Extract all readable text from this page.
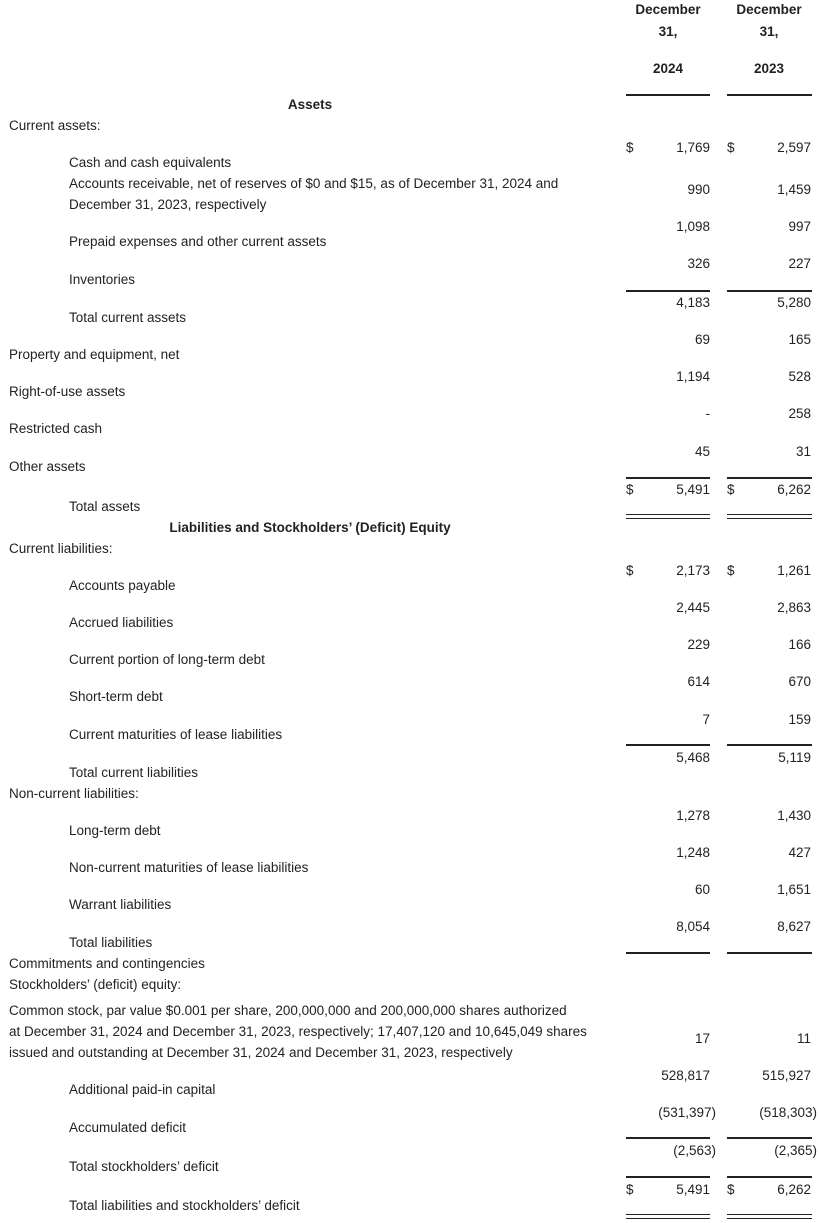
December
31,
2024
December
31,
2023
Assets
Current assets:
Cash and cash equivalents
$	1,769 $	2,597
Accounts receivable, net of reserves of $0 and $15, as of December 31, 2024 and
December 31, 2023, respectively
990	1,459
Prepaid expenses and other current assets
1,098	997
Inventories
326	227
Total current assets
4,183	5,280
Property and equipment, net
69	165
Right-of-use assets
1,194	528
Restricted cash
-	258
Other assets
45	31
Total assets
$	5,491 $	6,262
Liabilities and Stockholders’ (Deficit) Equity
Current liabilities:
Accounts payable
$	2,173 $	1,261
Accrued liabilities
2,445	2,863
Current portion of long-term debt
229	166
Short-term debt
614	670
Current maturities of lease liabilities
7	159
Total current liabilities
5,468	5,119
Non-current liabilities:
Long-term debt
1,278	1,430
Non-current maturities of lease liabilities
1,248	427
Warrant liabilities
60	1,651
Total liabilities
8,054	8,627
Commitments and contingencies
Stockholders’ (deficit) equity:
Common stock, par value $0.001 per share, 200,000,000 and 200,000,000 shares authorized
at December 31, 2024 and December 31, 2023, respectively; 17,407,120 and 10,645,049 shares
issued and outstanding at December 31, 2024 and December 31, 2023, respectively
17	11
Additional paid-in capital
528,817	515,927
Accumulated deficit
(531,397)	(518,303)
Total stockholders’ deficit
(2,563)	(2,365)
Total liabilities and stockholders’ deficit
$	5,491 $	6,262
